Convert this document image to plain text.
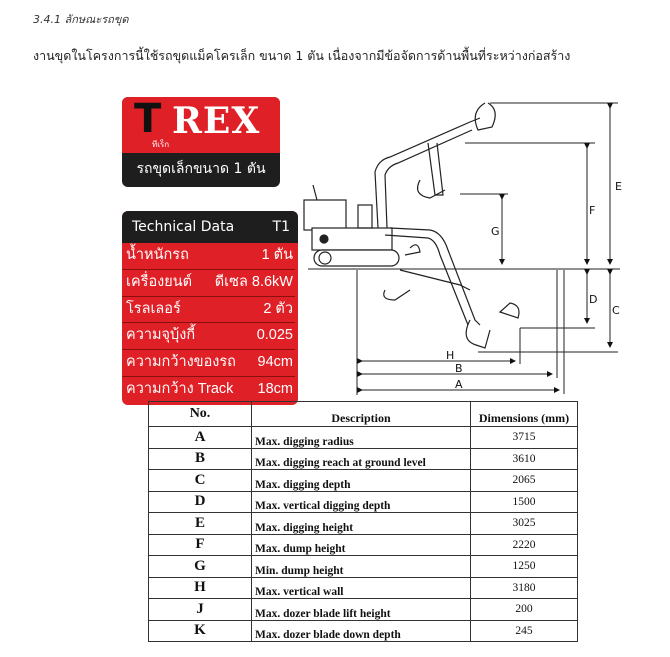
3.4.1 ลักษณะรถขุด
งานขุดในโครงการนี้ใช้รถขุดแม็คโครเล็ก ขนาด 1 ตัน เนื่องจากมีข้อจัดการด้านพื้นที่ระหว่างก่อสร้าง
T REX
ทีเร็ก
รถขุดเล็กขนาด 1 ตัน
Technical Data	T1
น้ำหนักรถ	1 ตัน
เครื่องยนต์ ดีเซล 8.6kW
โรลเลอร์	2 ตัว
ความจุบุ้งกี้	0.025
ความกว้างของรถ 94cm
ความกว้าง Track 18cm
E
F
G
D
C
H
B
A
No.	Description	Dimensions (mm)
A	Max. digging radius	3715
B	Max. digging reach at ground level	3610
C	Max. digging depth	2065
D	Max. vertical digging depth	1500
E	Max. digging height	3025
F	Max. dump height	2220
G	Min. dump height	1250
H	Max. vertical wall	3180
J	Max. dozer blade lift height	200
K	Max. dozer blade down depth	245
